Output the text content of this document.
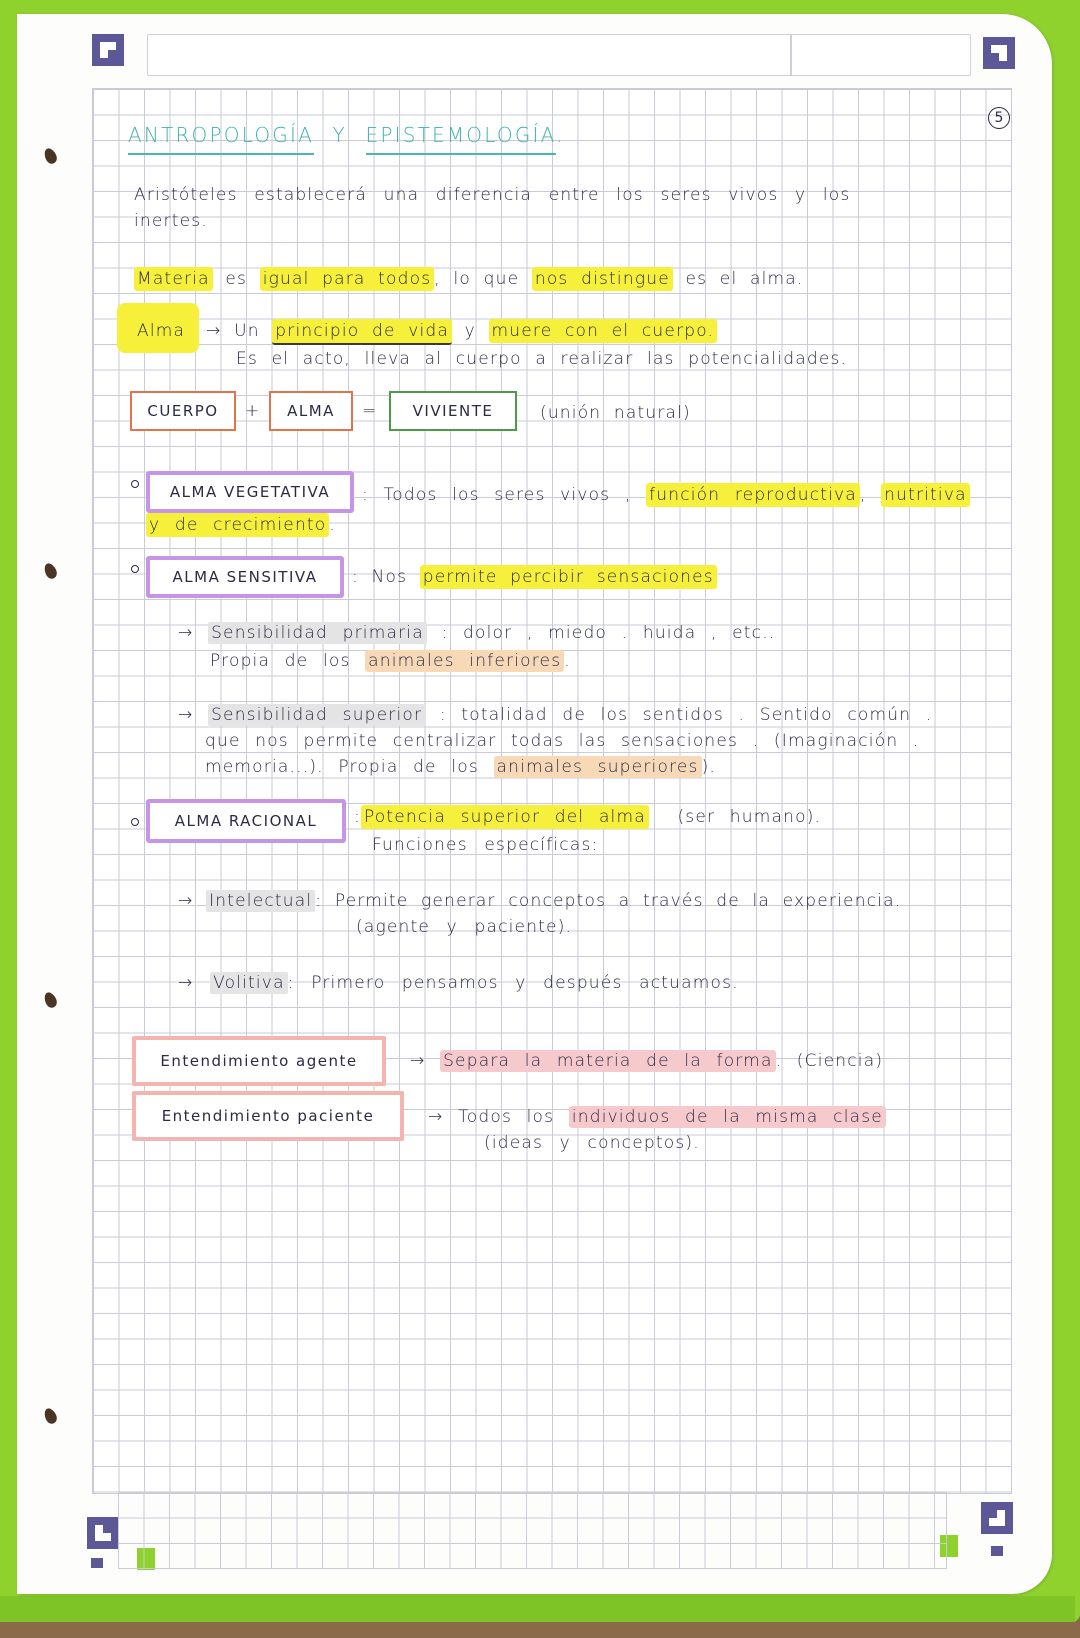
5
ANTROPOLOGÍA Y EPISTEMOLOGÍA.
Aristóteles establecerá una diferencia entre los seres vivos y los
inertes.
Materia es igual para todos , lo que nos distingue es el alma.
Alma → Un principio de vida y muere con el cuerpo.
Es el acto, lleva al cuerpo a realizar las potencialidades.
CUERPO	+	ALMA	=	VIVIENTE	(unión natural)
ALMA VEGETATIVA	: Todos los seres vivos , función reproductiva , nutritiva
y de crecimiento .
ALMA SENSITIVA	: Nos permite percibir sensaciones
→ Sensibilidad primaria : dolor , miedo . huida , etc..
Propia de los animales inferiores .
→ Sensibilidad superior : totalidad de los sentidos . Sentido común .
que nos permite centralizar todas las sensaciones . (Imaginación .
memoria...). Propia de los animales superiores ).
ALMA RACIONAL	: Potencia superior del alma (ser humano).
Funciones específicas:
→ Intelectual : Permite generar conceptos a través de la experiencia.
(agente y paciente).
→ Volitiva : Primero pensamos y después actuamos.
Entendimiento agente	→ Separa la materia de la forma . (Ciencia)
Entendimiento paciente	→ Todos los individuos de la misma clase
(ideas y conceptos).
